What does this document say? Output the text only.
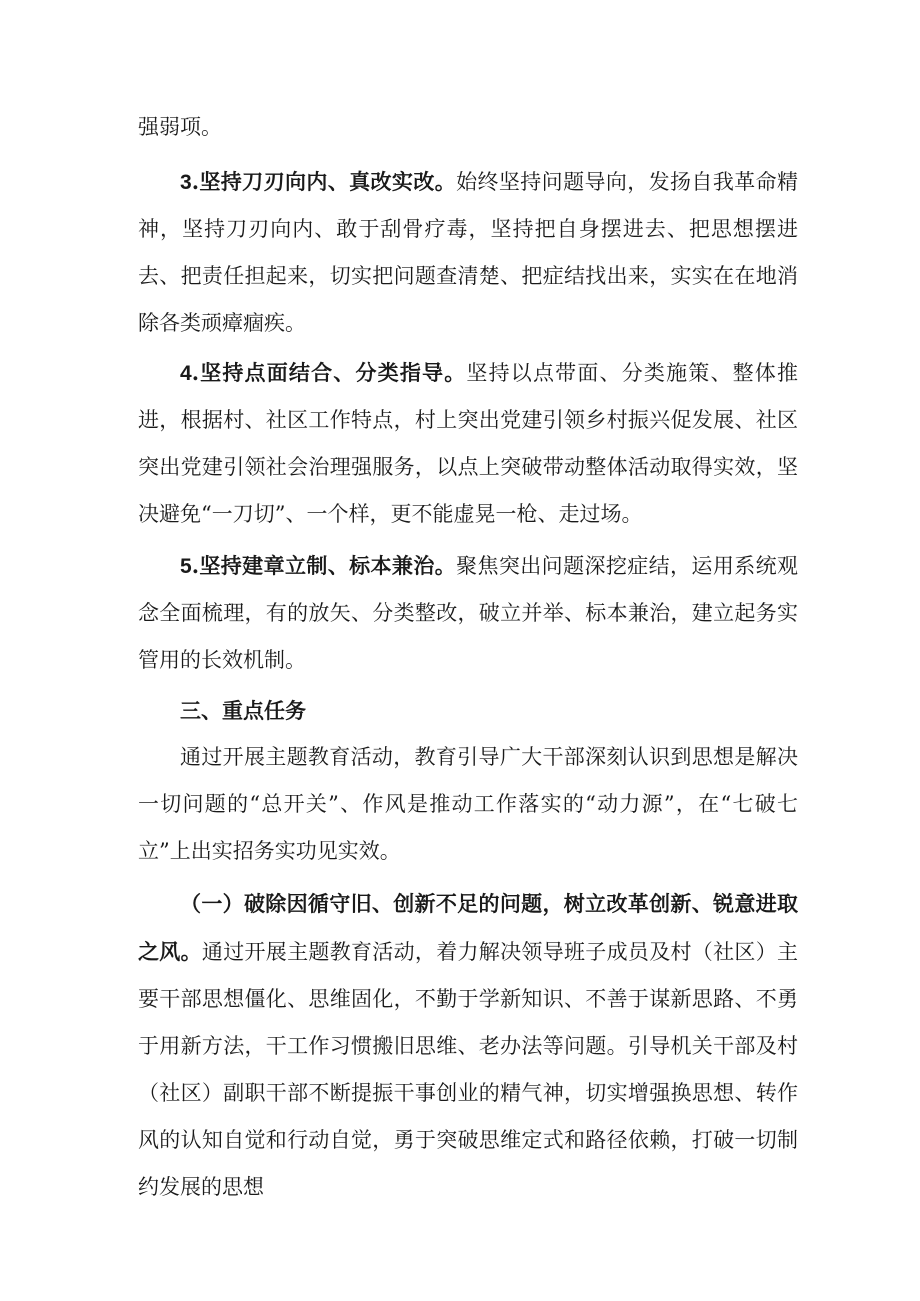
强弱项。

3.坚持刀刃向内、真改实改。始终坚持问题导向，发扬自我革命精神，坚持刀刃向内、敢于刮骨疗毒，坚持把自身摆进去、把思想摆进去、把责任担起来，切实把问题查清楚、把症结找出来，实实在在地消除各类顽瘴痼疾。

4.坚持点面结合、分类指导。坚持以点带面、分类施策、整体推进，根据村、社区工作特点，村上突出党建引领乡村振兴促发展、社区突出党建引领社会治理强服务，以点上突破带动整体活动取得实效，坚决避免“一刀切”、一个样，更不能虚晃一枪、走过场。

5.坚持建章立制、标本兼治。聚焦突出问题深挖症结，运用系统观念全面梳理，有的放矢、分类整改，破立并举、标本兼治，建立起务实管用的长效机制。

三、重点任务

通过开展主题教育活动，教育引导广大干部深刻认识到思想是解决一切问题的“总开关”、作风是推动工作落实的“动力源”，在“七破七立”上出实招务实功见实效。

（一）破除因循守旧、创新不足的问题，树立改革创新、锐意进取之风。通过开展主题教育活动，着力解决领导班子成员及村（社区）主要干部思想僵化、思维固化，不勤于学新知识、不善于谋新思路、不勇于用新方法，干工作习惯搬旧思维、老办法等问题。引导机关干部及村（社区）副职干部不断提振干事创业的精气神，切实增强换思想、转作风的认知自觉和行动自觉，勇于突破思维定式和路径依赖，打破一切制约发展的思想
